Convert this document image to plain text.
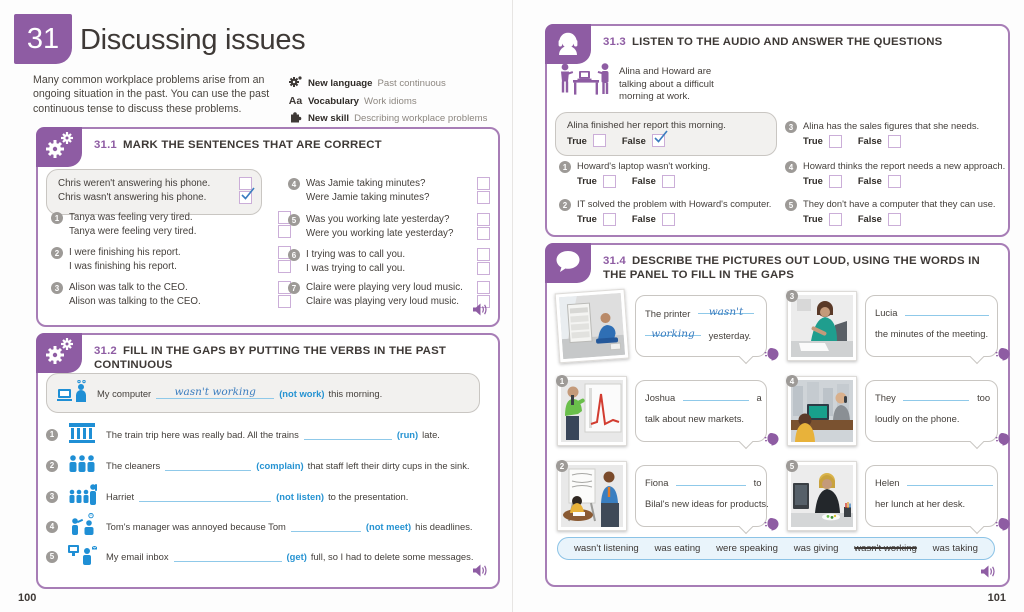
31 Discussing issues
Many common workplace problems arise from an ongoing situation in the past. You can use the past continuous tense to discuss these problems.
New language Past continuous
Aa Vocabulary Work idioms
New skill Describing workplace problems
31.1 MARK THE SENTENCES THAT ARE CORRECT
Chris weren't answering his phone.
Chris wasn't answering his phone.
1 Tanya was feeling very tired.
Tanya were feeling very tired.
2 I were finishing his report.
I was finishing his report.
3 Alison was talk to the CEO.
Alison was talking to the CEO.
4 Was Jamie taking minutes?
Were Jamie taking minutes?
5 Was you working late yesterday?
Were you working late yesterday?
6 I trying was to call you.
I was trying to call you.
7 Claire were playing very loud music.
Claire was playing very loud music.
31.2 FILL IN THE GAPS BY PUTTING THE VERBS IN THE PAST CONTINUOUS
My computer	wasn't working	(not work) this morning.
1	The train trip here was really bad. All the trains	(run) late.
2	The cleaners	(complain) that staff left their dirty cups in the sink.
3	Harriet	(not listen) to the presentation.
4	Tom's manager was annoyed because Tom	(not meet) his deadlines.
5	My email inbox	(get) full, so I had to delete some messages.
100
31.3 LISTEN TO THE AUDIO AND ANSWER THE QUESTIONS
Alina and Howard are talking about a difficult morning at work.
Alina finished her report this morning.
True	False
1	Howard's laptop wasn't working.
True	False
2	IT solved the problem with Howard's computer.
True	False
3	Alina has the sales figures that she needs.
True	False
4	Howard thinks the report needs a new approach.
True	False
5	They don't have a computer that they can use.
True	False
31.4 DESCRIBE THE PICTURES OUT LOUD, USING THE WORDS IN THE PANEL TO FILL IN THE GAPS
The printer wasn't
working yesterday.
3
Lucia
the minutes of the meeting.
1
Joshua	a
talk about new markets.
4
They	too
loudly on the phone.
2
Fiona	to
Bilal's new ideas for products.
5
Helen
her lunch at her desk.
wasn't listening was eating were speaking was giving wasn't working was taking
101
